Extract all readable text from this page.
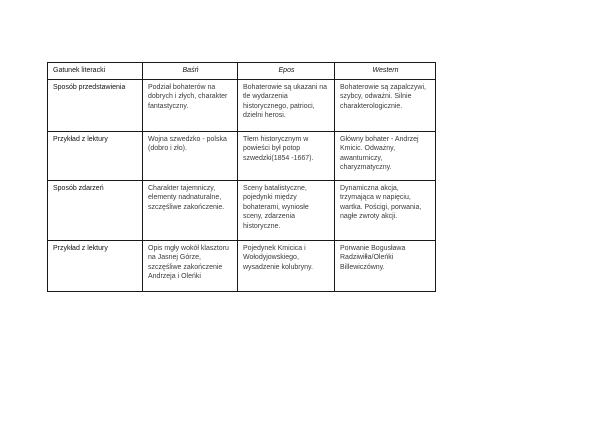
Gatunek literacki	Baśń	Epos	Western
Sposób przedstawienia	Podział bohaterów na dobrych i złych, charakter fantastyczny.	Bohaterowie są ukazani na tle wydarzenia historycznego, patrioci, dzielni herosi.	Bohaterowie są zapalczywi, szybcy, odważni. Silnie charakterologicznie.
Przykład z lektury	Wojna szwedzko - polska (dobro i zło).	Tłem historycznym w powieści był potop szwedzki(1854 -1667).	Główny bohater - Andrzej Kmicic. Odważny, awanturniczy, charyzmatyczny.
Sposób zdarzeń	Charakter tajemniczy, elementy nadnaturalne, szczęśliwe zakończenie.	Sceny batalistyczne, pojedynki między bohaterami, wyniosłe sceny, zdarzenia historyczne.	Dynamiczna akcja, trzymająca w napięciu, wartka. Pościgi, porwania, nagłe zwroty akcji.
Przykład z lektury	Opis mgły wokół klasztoru na Jasnej Górze, szczęśliwe zakończenie Andrzeja i Oleńki	Pojedynek Kmicica i Wołodyjowskiego, wysadzenie kolubryny.	Porwanie Bogusława Radziwiłła/Oleńki Billewiczówny.
